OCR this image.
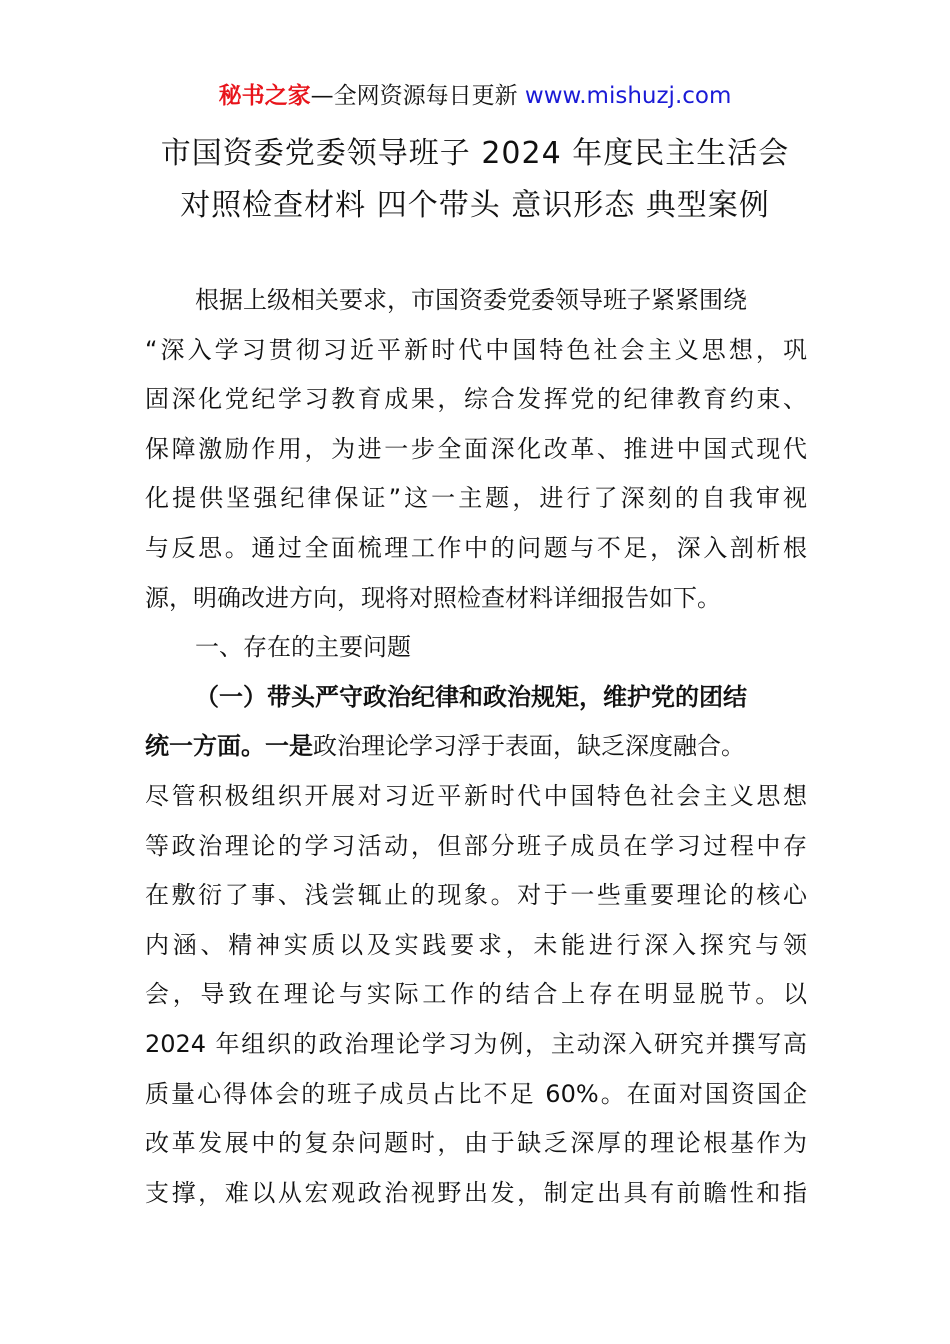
秘书之家—全网资源每日更新 www.mishuzj.com
市国资委党委领导班子 2024 年度民主生活会
对照检查材料 四个带头 意识形态 典型案例
根据上级相关要求，市国资委党委领导班子紧紧围绕
“深入学习贯彻习近平新时代中国特色社会主义思想，巩
固深化党纪学习教育成果，综合发挥党的纪律教育约束、
保障激励作用，为进一步全面深化改革、推进中国式现代
化提供坚强纪律保证”这一主题，进行了深刻的自我审视
与反思。通过全面梳理工作中的问题与不足，深入剖析根
源，明确改进方向，现将对照检查材料详细报告如下。
一、存在的主要问题
（一）带头严守政治纪律和政治规矩，维护党的团结
统一方面。一是政治理论学习浮于表面，缺乏深度融合。
尽管积极组织开展对习近平新时代中国特色社会主义思想
等政治理论的学习活动，但部分班子成员在学习过程中存
在敷衍了事、浅尝辄止的现象。对于一些重要理论的核心
内涵、精神实质以及实践要求，未能进行深入探究与领
会，导致在理论与实际工作的结合上存在明显脱节。以
2024 年组织的政治理论学习为例，主动深入研究并撰写高
质量心得体会的班子成员占比不足 60%。在面对国资国企
改革发展中的复杂问题时，由于缺乏深厚的理论根基作为
支撑，难以从宏观政治视野出发，制定出具有前瞻性和指
